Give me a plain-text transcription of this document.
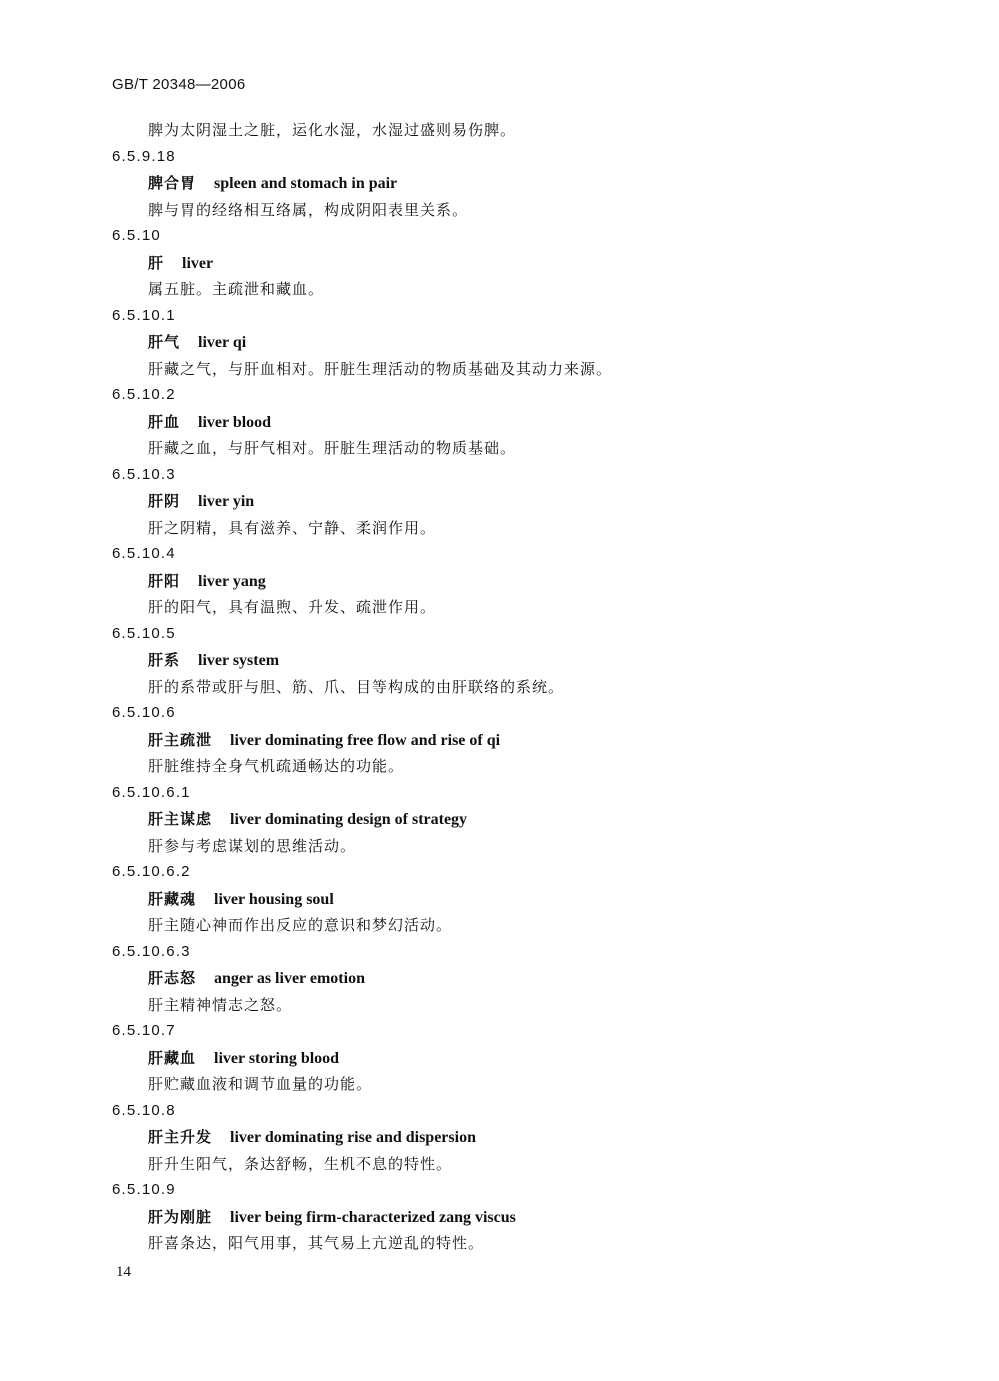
GB/T 20348—2006
脾为太阴湿土之脏，运化水湿，水湿过盛则易伤脾。
6.5.9.18
脾合胃 spleen and stomach in pair
脾与胃的经络相互络属，构成阴阳表里关系。
6.5.10
肝 liver
属五脏。主疏泄和藏血。
6.5.10.1
肝气 liver qi
肝藏之气，与肝血相对。肝脏生理活动的物质基础及其动力来源。
6.5.10.2
肝血 liver blood
肝藏之血，与肝气相对。肝脏生理活动的物质基础。
6.5.10.3
肝阴 liver yin
肝之阴精，具有滋养、宁静、柔润作用。
6.5.10.4
肝阳 liver yang
肝的阳气，具有温煦、升发、疏泄作用。
6.5.10.5
肝系 liver system
肝的系带或肝与胆、筋、爪、目等构成的由肝联络的系统。
6.5.10.6
肝主疏泄 liver dominating free flow and rise of qi
肝脏维持全身气机疏通畅达的功能。
6.5.10.6.1
肝主谋虑 liver dominating design of strategy
肝参与考虑谋划的思维活动。
6.5.10.6.2
肝藏魂 liver housing soul
肝主随心神而作出反应的意识和梦幻活动。
6.5.10.6.3
肝志怒 anger as liver emotion
肝主精神情志之怒。
6.5.10.7
肝藏血 liver storing blood
肝贮藏血液和调节血量的功能。
6.5.10.8
肝主升发 liver dominating rise and dispersion
肝升生阳气，条达舒畅，生机不息的特性。
6.5.10.9
肝为刚脏 liver being firm-characterized zang viscus
肝喜条达，阳气用事，其气易上亢逆乱的特性。
14
